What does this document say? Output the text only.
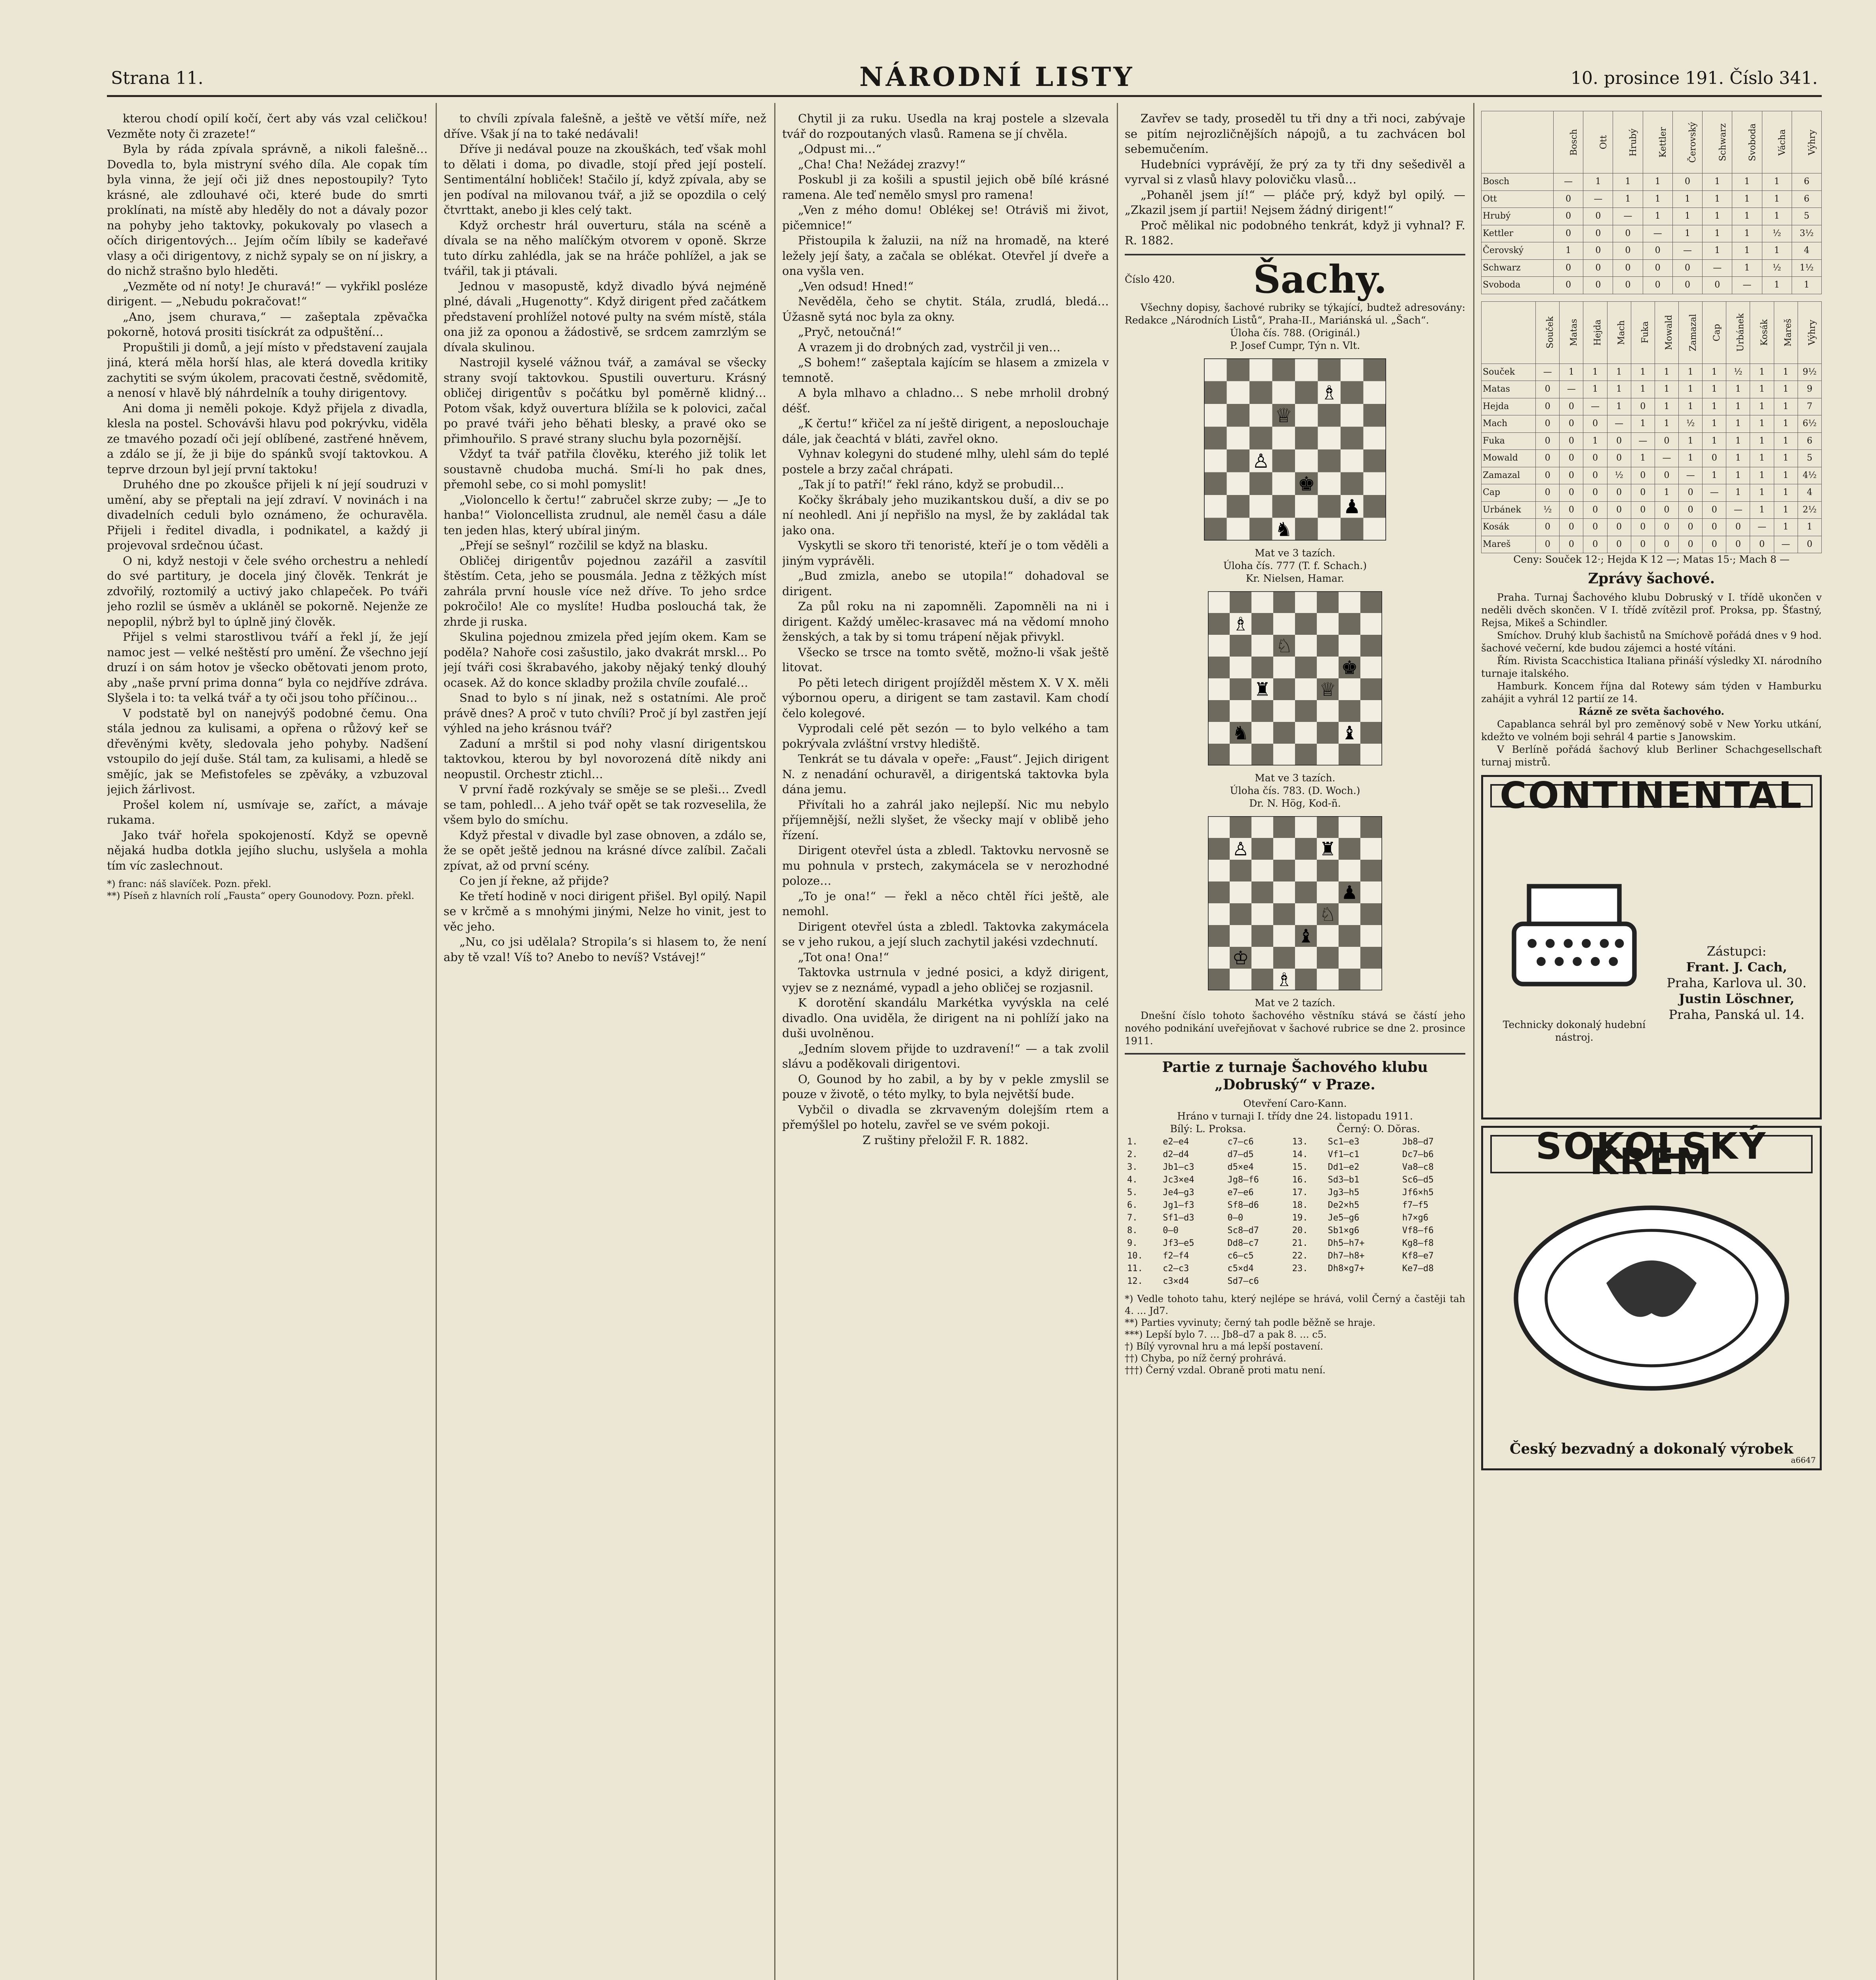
Strana 11.	NÁRODNÍ LISTY	10. prosince 191. Číslo 341.

kterou chodí opilí kočí, čert aby vás vzal celičkou! Vezměte noty či zrazete!“

Byla by ráda zpívala správně, a nikoli falešně… Dovedla to, byla mistryní svého díla. Ale copak tím byla vinna, že její oči již dnes nepostoupily? Tyto krásné, ale zdlouhavé oči, které bude do smrti proklínati, na místě aby hleděly do not a dávaly pozor na pohyby jeho taktovky, pokukovaly po vlasech a očích dirigentových… Jejím očím líbily se kadeřavé vlasy a oči dirigentovy, z nichž sypaly se on ní jiskry, a do nichž strašno bylo hleděti.

„Vezměte od ní noty! Je churavá!“ — vykřikl posléze dirigent. — „Nebudu pokračovat!“

„Ano, jsem churava,“ — zašeptala zpěvačka pokorně, hotová prositi tisíckrát za odpuštění…

Propuštili ji domů, a její místo v představení zaujala jiná, která měla horší hlas, ale která dovedla kritiky zachytiti se svým úkolem, pracovati čestně, svědomitě, a nenosí v hlavě blý náhrdelník a touhy dirigentovy.

Ani doma ji neměli pokoje. Když přijela z divadla, klesla na postel. Schovávši hlavu pod pokrývku, viděla ze tmavého pozadí oči její oblíbené, zastřené hněvem, a zdálo se jí, že ji bije do spánků svojí taktovkou. A teprve drzoun byl její první taktoku!

Druhého dne po zkoušce přijeli k ní její soudruzi v umění, aby se přeptali na její zdraví. V novinách i na divadelních ceduli bylo oznámeno, že ochuravěla. Přijeli i ředitel divadla, i podnikatel, a každý ji projevoval srdečnou účast.

O ni, když nestoji v čele svého orchestru a nehledí do své partitury, je docela jiný člověk. Tenkrát je zdvořilý, roztomilý a uctivý jako chlapeček. Po tváři jeho rozlil se úsměv a ukláněl se pokorně. Nejenže ze nepoplil, nýbrž byl to úplně jiný člověk.

Přijel s velmi starostlivou tváří a řekl jí, že její namoc jest — velké neštěstí pro umění. Že všechno její druzí i on sám hotov je všecko obětovati jenom proto, aby „naše první prima donna“ byla co nejdříve zdráva. Slyšela i to: ta velká tvář a ty oči jsou toho příčinou…

V podstatě byl on nanejvýš podobné čemu. Ona stála jednou za kulisami, a opřena o růžový keř se dřevěnými květy, sledovala jeho pohyby. Nadšení vstoupilo do její duše. Stál tam, za kulisami, a hledě se smějíc, jak se Mefistofeles se zpěváky, a vzbuzoval jejich žárlivost.

Prošel kolem ní, usmívaje se, zaříct, a mávaje rukama.

Jako tvář hořela spokojeností. Když se opevně nějaká hudba dotkla jejího sluchu, uslyšela a mohla tím víc zaslechnout.

*) franc: náš slavíček. Pozn. překl.
**) Píseň z hlavních rolí „Fausta“ opery Gounodovy. Pozn. překl.

to chvíli zpívala falešně, a ještě ve větší míře, než dříve. Však jí na to také nedávali!

Dříve ji nedával pouze na zkouškách, teď však mohl to dělati i doma, po divadle, stojí před její postelí. Sentimentální hobliček! Stačilo jí, když zpívala, aby se jen podíval na milovanou tvář, a již se opozdila o celý čtvrttakt, anebo ji kles celý takt.

Když orchestr hrál ouverturu, stála na scéně a dívala se na něho malíčkým otvorem v oponě. Skrze tuto dírku zahlédla, jak se na hráče pohlížel, a jak se tvářil, tak ji ptávali.

Jednou v masopustě, když divadlo bývá nejméně plné, dávali „Hugenotty“. Když dirigent před začátkem představení prohlížel notové pulty na svém místě, stála ona již za oponou a žádostivě, se srdcem zamrzlým se dívala skulinou.

Nastrojil kyselé vážnou tvář, a zamával se všecky strany svojí taktovkou. Spustili ouverturu. Krásný obličej dirigentův s počátku byl poměrně klidný… Potom však, když ouvertura blížila se k polovici, začal po pravé tváři jeho běhati blesky, a pravé oko se přimhouřilo. S pravé strany sluchu byla pozornější.

Vždyť ta tvář patřila člověku, kterého již tolik let soustavně chudoba muchá. Smí-li ho pak dnes, přemohl sebe, co si mohl pomyslit!

„Violoncello k čertu!“ zabručel skrze zuby; — „Je to hanba!“ Violoncellista zrudnul, ale neměl času a dále ten jeden hlas, který ubíral jiným.

„Přejí se sešnyl“ rozčilil se když na blasku.

Obličej dirigentův pojednou zazářil a zasvítil štěstím. Ceta, jeho se pousmála. Jedna z těžkých míst zahrála první housle více než dříve. To jeho srdce pokročilo! Ale co myslíte! Hudba poslouchá tak, že zhrde ji ruska.

Skulina pojednou zmizela před jejím okem. Kam se poděla? Nahoře cosi zašustilo, jako dvakrát mrskl… Po její tváři cosi škrabavého, jakoby nějaký tenký dlouhý ocasek. Až do konce skladby prožila chvíle zoufalé…

Snad to bylo s ní jinak, než s ostatními. Ale proč právě dnes? A proč v tuto chvíli? Proč jí byl zastřen její výhled na jeho krásnou tvář?

Zaduní a mrštil si pod nohy vlasní dirigentskou taktovkou, kterou by byl novorozená dítě nikdy ani neopustil. Orchestr ztichl…

V první řadě rozkývaly se směje se se pleši… Zvedl se tam, pohledl… A jeho tvář opět se tak rozveselila, že všem bylo do smíchu.

Když přestal v divadle byl zase obnoven, a zdálo se, že se opět ještě jednou na krásné dívce zalíbil. Začali zpívat, až od první scény.

Co jen jí řekne, až přijde?

Ke třetí hodině v noci dirigent přišel. Byl opilý. Napil se v krčmě a s mnohými jinými, Nelze ho vinit, jest to věc jeho.

„Nu, co jsi udělala? Stropila’s si hlasem to, že není aby tě vzal! Víš to? Anebo to nevíš? Vstávej!“

Chytil ji za ruku. Usedla na kraj postele a slzevala tvář do rozpoutaných vlasů. Ramena se jí chvěla.

„Odpust mi…“

„Cha! Cha! Nežádej zrazvy!“

Poskubl ji za košili a spustil jejich obě bílé krásné ramena. Ale teď nemělo smysl pro ramena!

„Ven z mého domu! Oblékej se! Otráviš mi život, pičemnice!“

Přistoupila k žaluzii, na níž na hromadě, na které ležely její šaty, a začala se oblékat. Otevřel jí dveře a ona vyšla ven.

„Ven odsud! Hned!“

Nevěděla, čeho se chytit. Stála, zrudlá, bledá… Úžasně sytá noc byla za okny.

„Pryč, netoučná!“

A vrazem ji do drobných zad, vystrčil ji ven…

„S bohem!“ zašeptala kajícím se hlasem a zmizela v temnotě.

A byla mlhavo a chladno… S nebe mrholil drobný déšť.

„K čertu!“ křičel za ní ještě dirigent, a neposlouchaje dále, jak čeachtá v bláti, zavřel okno.

Vyhnav kolegyni do studené mlhy, ulehl sám do teplé postele a brzy začal chrápati.

„Tak jí to patří!“ řekl ráno, když se probudil…

Kočky škrábaly jeho muzikantskou duší, a div se po ní neohledl. Ani jí nepřišlo na mysl, že by zakládal tak jako ona.

Vyskytli se skoro tři tenoristé, kteří je o tom věděli a jiným vyprávěli.

„Bud zmizla, anebo se utopila!“ dohadoval se dirigent.

Za půl roku na ni zapomněli. Zapomněli na ni i dirigent. Každý umělec-krasavec má na vědomí mnoho ženských, a tak by si tomu trápení nějak přivykl.

Všecko se trsce na tomto světě, možno-li však ještě litovat.

Po pěti letech dirigent projížděl městem X. V X. měli výbornou operu, a dirigent se tam zastavil. Kam chodí čelo kolegové.

Vyprodali celé pět sezón — to bylo velkého a tam pokrývala zvláštní vrstvy hlediště.

Tenkrát se tu dávala v opeře: „Faust“. Jejich dirigent N. z nenadání ochuravěl, a dirigentská taktovka byla dána jemu.

Přivítali ho a zahrál jako nejlepší. Nic mu nebylo příjemnější, nežli slyšet, že všecky mají v oblibě jeho řízení.

Dirigent otevřel ústa a zbledl. Taktovku nervosně se mu pohnula v prstech, zakymácela se v nerozhodné poloze…

„To je ona!“ — řekl a něco chtěl říci ještě, ale nemohl.

Dirigent otevřel ústa a zbledl. Taktovka zakymácela se v jeho rukou, a její sluch zachytil jakési vzdechnutí.

„Tot ona! Ona!“

Taktovka ustrnula v jedné posici, a když dirigent, vyjev se z neznámé, vypadl a jeho obličej se rozjasnil.

K dorotění skandálu Markétka vyvýskla na celé divadlo. Ona uviděla, že dirigent na ni pohlíží jako na duši uvolněnou.

„Jedním slovem přijde to uzdravení!“ — a tak zvolil slávu a poděkovali dirigentovi.

O, Gounod by ho zabil, a by by v pekle zmyslil se pouze v životě, o této mylky, to byla největší bude.

Vybčil o divadla se zkrvaveným dolejším rtem a přemýšlel po hotelu, zavřel se ve svém pokoji.

Z ruštiny přeložil F. R. 1882.

Zavřev se tady, proseděl tu tři dny a tři noci, zabývaje se pitím nejrozličnějších nápojů, a tu zachvácen bol sebemučením.

Hudebníci vyprávějí, že prý za ty tři dny sešedivěl a vyrval si z vlasů hlavy polovičku vlasů…

„Pohaněl jsem jí!“ — pláče prý, když byl opilý. — „Zkazil jsem jí partii! Nejsem žádný dirigent!“

Proč mělikal nic podobného tenkrát, když ji vyhnal? F. R. 1882.

Číslo 420. Šachy.

Všechny dopisy, šachové rubriky se týkající, budtež adresovány: Redakce „Národních Listů“, Praha-II., Mariánská ul. „Šach“.

Úloha čís. 788. (Originál.)

P. Josef Cumpr, Týn n. Vlt.

Mat ve 3 tazích.

Úloha čís. 777 (T. f. Schach.)

Kr. Nielsen, Hamar.

Mat ve 3 tazích.

Úloha čís. 783. (D. Woch.)

Dr. N. Hög, Kod-ñ.

Mat ve 2 tazích.

Dnešní číslo tohoto šachového věstníku stává se částí jeho nového podnikání uveřejňovat v šachové rubrice se dne 2. prosince 1911.

Partie z turnaje Šachového klubu „Dobruský“ v Praze.

Otevření Caro-Kann.

Hráno v turnaji I. třídy dne 24. listopadu 1911.

Bílý: L. Proksa.	Černý: O. Dŏras.
1.	e2–e4	c7–c6	13.	Sc1–e3	Jb8–d7
2.	d2–d4	d7–d5	14.	Vf1–c1	Dc7–b6
3.	Jb1–c3	d5×e4	15.	Dd1–e2	Va8–c8
4.	Jc3×e4	Jg8–f6	16.	Sd3–b1	Sc6–d5
5.	Je4–g3	e7–e6	17.	Jg3–h5	Jf6×h5
6.	Jg1–f3	Sf8–d6	18.	De2×h5	f7–f5
7.	Sf1–d3	0–0	19.	Je5–g6	h7×g6
8.	0–0	Sc8–d7	20.	Sb1×g6	Vf8–f6
9.	Jf3–e5	Dd8–c7	21.	Dh5–h7+	Kg8–f8
10.	f2–f4	c6–c5	22.	Dh7–h8+	Kf8–e7
11.	c2–c3	c5×d4	23.	Dh8×g7+	Ke7–d8
12.	c3×d4	Sd7–c6			
*) Vedle tohoto tahu, který nejlépe se hrává, volil Černý a častěji tah 4. … Jd7.
**) Parties vyvinuty; černý tah podle běžně se hraje.
***) Lepší bylo 7. … Jb8–d7 a pak 8. … c5.
†) Bílý vyrovnal hru a má lepší postavení.
††) Chyba, po níž černý prohrává.
†††) Černý vzdal. Obraně proti matu není.
	Bosch	Ott	Hrubý	Kettler	Čerovský	Schwarz	Svoboda	Vácha	Výhry
Bosch	—	1	1	1	0	1	1	1	6
Ott	0	—	1	1	1	1	1	1	6
Hrubý	0	0	—	1	1	1	1	1	5
Kettler	0	0	0	—	1	1	1	½	3½
Čerovský	1	0	0	0	—	1	1	1	4
Schwarz	0	0	0	0	0	—	1	½	1½
Svoboda	0	0	0	0	0	0	—	1	1
	Souček	Matas	Hejda	Mach	Fuka	Mowald	Zamazal	Cap	Urbánek	Kosák	Mareš	Výhry
Souček	—	1	1	1	1	1	1	1	½	1	1	9½
Matas	0	—	1	1	1	1	1	1	1	1	1	9
Hejda	0	0	—	1	0	1	1	1	1	1	1	7
Mach	0	0	0	—	1	1	½	1	1	1	1	6½
Fuka	0	0	1	0	—	0	1	1	1	1	1	6
Mowald	0	0	0	0	1	—	1	0	1	1	1	5
Zamazal	0	0	0	½	0	0	—	1	1	1	1	4½
Cap	0	0	0	0	0	1	0	—	1	1	1	4
Urbánek	½	0	0	0	0	0	0	0	—	1	1	2½
Kosák	0	0	0	0	0	0	0	0	0	—	1	1
Mareš	0	0	0	0	0	0	0	0	0	0	—	0

Ceny: Souček 12·; Hejda K 12 —; Matas 15·; Mach 8 —

Zprávy šachové.

Praha. Turnaj Šachového klubu Dobruský v I. třídě ukončen v neděli dvěch skončen. V I. třídě zvítězil prof. Proksa, pp. Šťastný, Rejsa, Mikeš a Schindler.

Smíchov. Druhý klub šachistů na Smíchově pořádá dnes v 9 hod. šachové večerní, kde budou zájemci a hosté vítáni.

Řím. Rivista Scacchistica Italiana přináší výsledky XI. národního turnaje italského.

Hamburk. Koncem října dal Rotewy sám týden v Hamburku zahájit a vyhrál 12 partií ze 14.

Rázně ze světa šachového.

Capablanca sehrál byl pro zeměnový sobě v New Yorku utkání, kdežto ve volném boji sehrál 4 partie s Janowskim.

V Berlíně pořádá šachový klub Berliner Schachgesellschaft turnaj mistrů.

CONTINENTAL
Technicky dokonalý hudební nástroj.
Zástupci:
Frant. J. Cach,
Praha, Karlova ul. 30.
Justin Löschner,
Praha, Panská ul. 14.
SOKOLSKÝ KRÉM
Český bezvadný a dokonalý výrobek
a6647
